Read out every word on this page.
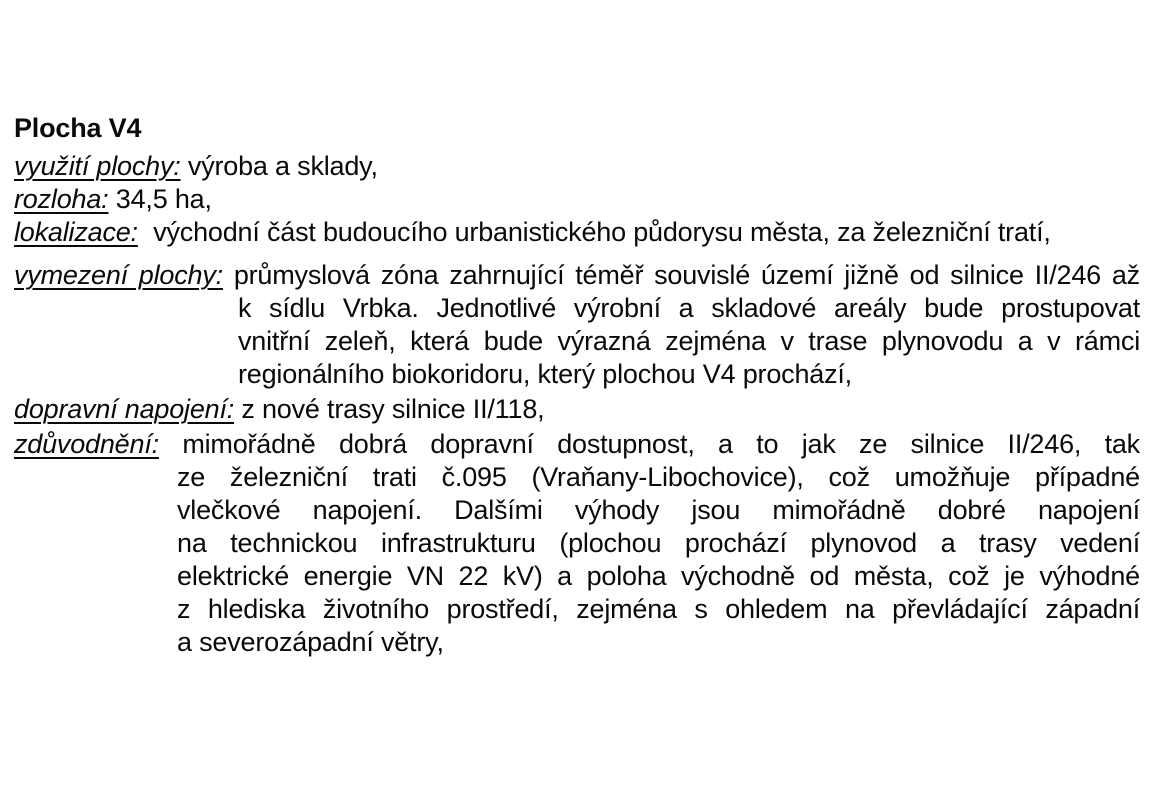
Plocha V4
využití plochy: výroba a sklady,
rozloha: 34,5 ha,
lokalizace: východní část budoucího urbanistického půdorysu města, za železniční tratí,
vymezení plochy: průmyslová zóna zahrnující téměř souvislé území jižně od silnice II/246 až
k sídlu Vrbka. Jednotlivé výrobní a skladové areály bude prostupovat
vnitřní zeleň, která bude výrazná zejména v trase plynovodu a v rámci
regionálního biokoridoru, který plochou V4 prochází,
dopravní napojení: z nové trasy silnice II/118,
zdůvodnění: mimořádně dobrá dopravní dostupnost, a to jak ze silnice II/246, tak
ze železniční trati č.095 (Vraňany-Libochovice), což umožňuje případné
vlečkové napojení. Dalšími výhody jsou mimořádně dobré napojení
na technickou infrastrukturu (plochou prochází plynovod a trasy vedení
elektrické energie VN 22 kV) a poloha východně od města, což je výhodné
z hlediska životního prostředí, zejména s ohledem na převládající západní
a severozápadní větry,
